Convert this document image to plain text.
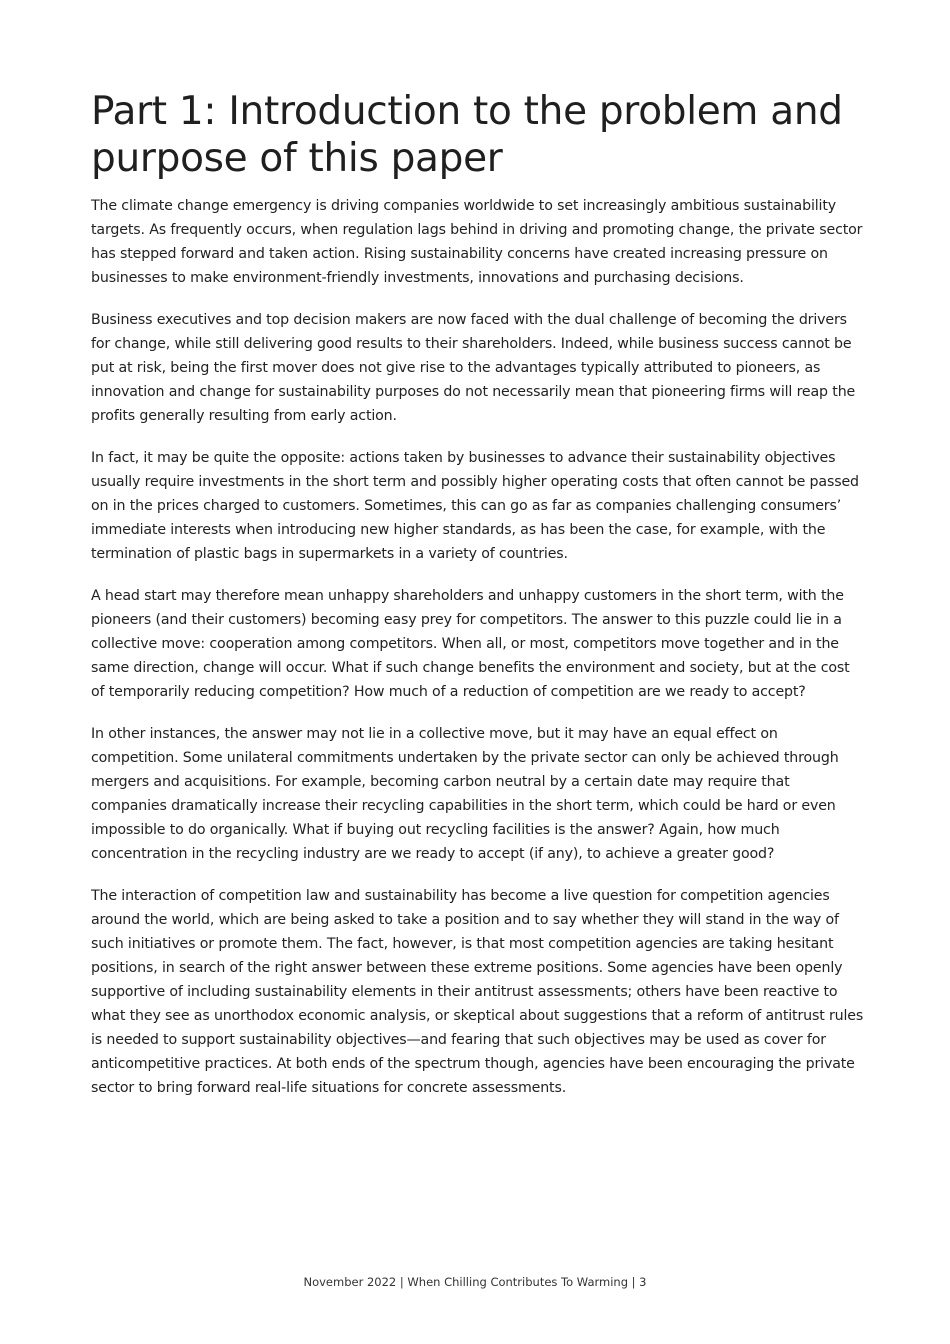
Part 1: Introduction to the problem and purpose of this paper

The climate change emergency is driving companies worldwide to set increasingly ambitious sustainability targets. As frequently occurs, when regulation lags behind in driving and promoting change, the private sector has stepped forward and taken action. Rising sustainability concerns have created increasing pressure on businesses to make environment-friendly investments, innovations and purchasing decisions.

Business executives and top decision makers are now faced with the dual challenge of becoming the drivers for change, while still delivering good results to their shareholders. Indeed, while business success cannot be put at risk, being the first mover does not give rise to the advantages typically attributed to pioneers, as innovation and change for sustainability purposes do not necessarily mean that pioneering firms will reap the profits generally resulting from early action.

In fact, it may be quite the opposite: actions taken by businesses to advance their sustainability objectives usually require investments in the short term and possibly higher operating costs that often cannot be passed on in the prices charged to customers. Sometimes, this can go as far as companies challenging consumers’ immediate interests when introducing new higher standards, as has been the case, for example, with the termination of plastic bags in supermarkets in a variety of countries.

A head start may therefore mean unhappy shareholders and unhappy customers in the short term, with the pioneers (and their customers) becoming easy prey for competitors. The answer to this puzzle could lie in a collective move: cooperation among competitors. When all, or most, competitors move together and in the same direction, change will occur. What if such change benefits the environment and society, but at the cost of temporarily reducing competition? How much of a reduction of competition are we ready to accept?

In other instances, the answer may not lie in a collective move, but it may have an equal effect on competition. Some unilateral commitments undertaken by the private sector can only be achieved through mergers and acquisitions. For example, becoming carbon neutral by a certain date may require that companies dramatically increase their recycling capabilities in the short term, which could be hard or even impossible to do organically. What if buying out recycling facilities is the answer? Again, how much concentration in the recycling industry are we ready to accept (if any), to achieve a greater good?

The interaction of competition law and sustainability has become a live question for competition agencies around the world, which are being asked to take a position and to say whether they will stand in the way of such initiatives or promote them. The fact, however, is that most competition agencies are taking hesitant positions, in search of the right answer between these extreme positions. Some agencies have been openly supportive of including sustainability elements in their antitrust assessments; others have been reactive to what they see as unorthodox economic analysis, or skeptical about suggestions that a reform of antitrust rules is needed to support sustainability objectives—and fearing that such objectives may be used as cover for anticompetitive practices. At both ends of the spectrum though, agencies have been encouraging the private sector to bring forward real-life situations for concrete assessments.

November 2022 | When Chilling Contributes To Warming | 3
